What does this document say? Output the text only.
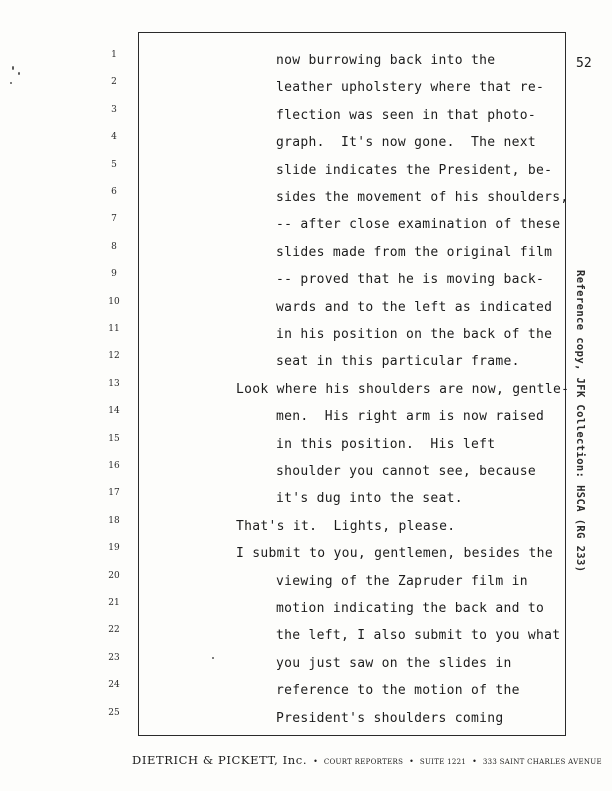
52
1
2
3
4
5
6
7
8
9
10
11
12
13
14
15
16
17
18
19
20
21
22
23
24
25
now burrowing back into the
leather upholstery where that re-
flection was seen in that photo-
graph.  It's now gone.  The next
slide indicates the President, be-
sides the movement of his shoulders,
-- after close examination of these
slides made from the original film
-- proved that he is moving back-
wards and to the left as indicated
in his position on the back of the
seat in this particular frame.
Look where his shoulders are now, gentle-
men.  His right arm is now raised
in this position.  His left
shoulder you cannot see, because
it's dug into the seat.
That's it.  Lights, please.
I submit to you, gentlemen, besides the
viewing of the Zapruder film in
motion indicating the back and to
the left, I also submit to you what
you just saw on the slides in
reference to the motion of the
President's shoulders coming
Reference copy, JFK Collection: HSCA (RG 233)
DIETRICH & PICKETT, Inc. • COURT REPORTERS • SUITE 1221 • 333 SAINT CHARLES AVENUE
